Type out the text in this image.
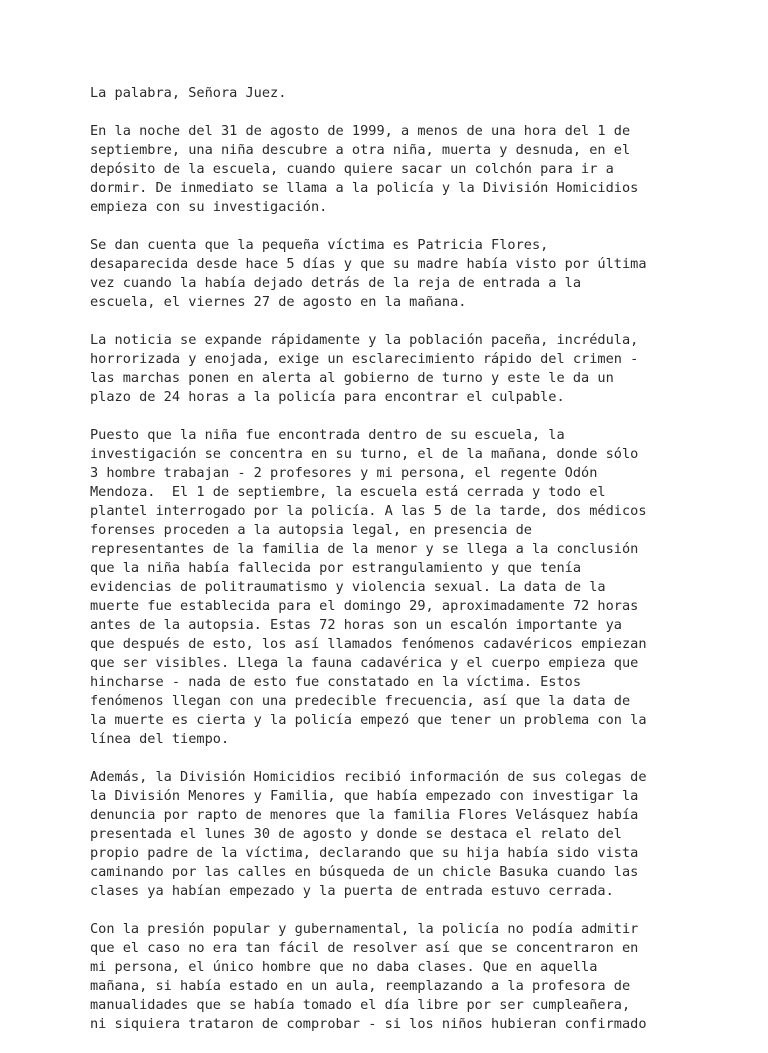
La palabra, Señora Juez.

En la noche del 31 de agosto de 1999, a menos de una hora del 1 de
septiembre, una niña descubre a otra niña, muerta y desnuda, en el
depósito de la escuela, cuando quiere sacar un colchón para ir a
dormir. De inmediato se llama a la policía y la División Homicidios
empieza con su investigación.

Se dan cuenta que la pequeña víctima es Patricia Flores,
desaparecida desde hace 5 días y que su madre había visto por última
vez cuando la había dejado detrás de la reja de entrada a la
escuela, el viernes 27 de agosto en la mañana.

La noticia se expande rápidamente y la población paceña, incrédula,
horrorizada y enojada, exige un esclarecimiento rápido del crimen -
las marchas ponen en alerta al gobierno de turno y este le da un
plazo de 24 horas a la policía para encontrar el culpable.

Puesto que la niña fue encontrada dentro de su escuela, la
investigación se concentra en su turno, el de la mañana, donde sólo
3 hombre trabajan - 2 profesores y mi persona, el regente Odón
Mendoza.  El 1 de septiembre, la escuela está cerrada y todo el
plantel interrogado por la policía. A las 5 de la tarde, dos médicos
forenses proceden a la autopsia legal, en presencia de
representantes de la familia de la menor y se llega a la conclusión
que la niña había fallecida por estrangulamiento y que tenía
evidencias de politraumatismo y violencia sexual. La data de la
muerte fue establecida para el domingo 29, aproximadamente 72 horas
antes de la autopsia. Estas 72 horas son un escalón importante ya
que después de esto, los así llamados fenómenos cadavéricos empiezan
que ser visibles. Llega la fauna cadavérica y el cuerpo empieza que
hincharse - nada de esto fue constatado en la víctima. Estos
fenómenos llegan con una predecible frecuencia, así que la data de
la muerte es cierta y la policía empezó que tener un problema con la
línea del tiempo.

Además, la División Homicidios recibió información de sus colegas de
la División Menores y Familia, que había empezado con investigar la
denuncia por rapto de menores que la familia Flores Velásquez había
presentada el lunes 30 de agosto y donde se destaca el relato del
propio padre de la víctima, declarando que su hija había sido vista
caminando por las calles en búsqueda de un chicle Basuka cuando las
clases ya habían empezado y la puerta de entrada estuvo cerrada.

Con la presión popular y gubernamental, la policía no podía admitir
que el caso no era tan fácil de resolver así que se concentraron en
mi persona, el único hombre que no daba clases. Que en aquella
mañana, si había estado en un aula, reemplazando a la profesora de
manualidades que se había tomado el día libre por ser cumpleañera,
ni siquiera trataron de comprobar - si los niños hubieran confirmado
